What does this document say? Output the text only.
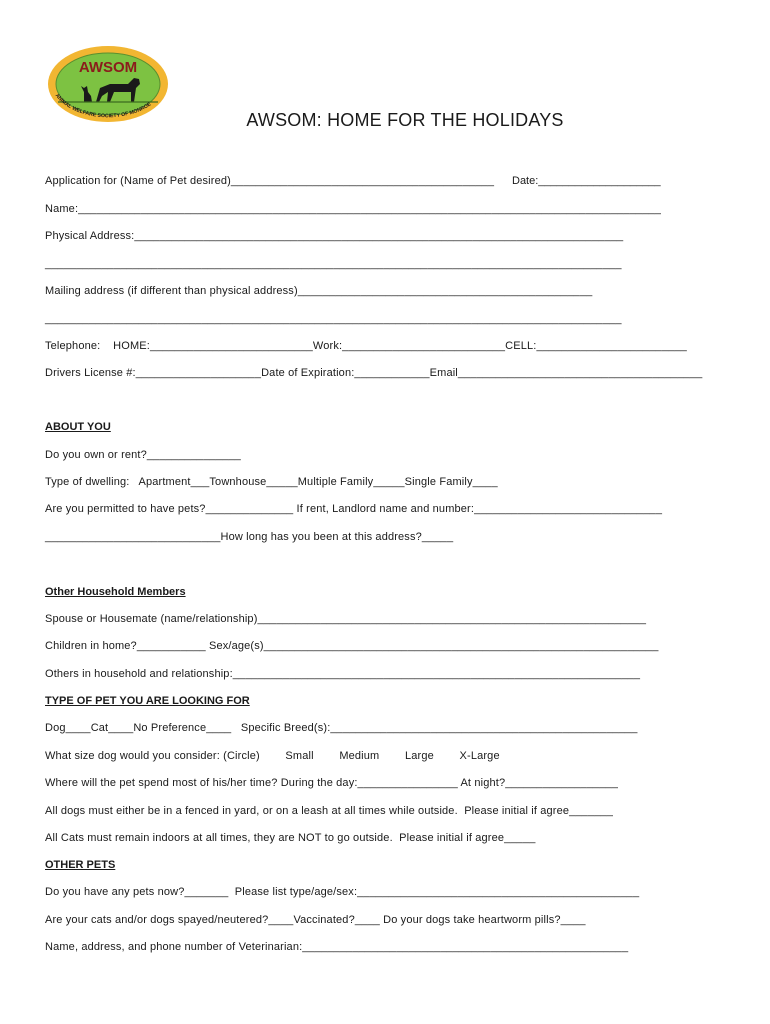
AWSOM
ANIMAL WELFARE SOCIETY OF MONROE
AWSOM: HOME FOR THE HOLIDAYS
Application for (Name of Pet desired)__________________________________________ Date:____________________
Name:_____________________________________________________________________________________________
Physical Address:______________________________________________________________________________
____________________________________________________________________________________________
Mailing address (if different than physical address)_______________________________________________
____________________________________________________________________________________________
Telephone:    HOME:__________________________Work:__________________________CELL:________________________
Drivers License #:____________________Date of Expiration:____________Email_______________________________________
ABOUT YOU
Do you own or rent?_______________
Type of dwelling:   Apartment___Townhouse_____Multiple Family_____Single Family____
Are you permitted to have pets?______________ If rent, Landlord name and number:______________________________
____________________________How long has you been at this address?_____
Other Household Members
Spouse or Housemate (name/relationship)______________________________________________________________
Children in home?___________ Sex/age(s)_______________________________________________________________
Others in household and relationship:_________________________________________________________________
TYPE OF PET YOU ARE LOOKING FOR
Dog____Cat____No Preference____   Specific Breed(s):_________________________________________________
What size dog would you consider: (Circle)        Small        Medium        Large        X-Large
Where will the pet spend most of his/her time? During the day:________________ At night?__________________
All dogs must either be in a fenced in yard, or on a leash at all times while outside.  Please initial if agree_______
All Cats must remain indoors at all times, they are NOT to go outside.  Please initial if agree_____
OTHER PETS
Do you have any pets now?_______  Please list type/age/sex:_____________________________________________
Are your cats and/or dogs spayed/neutered?____Vaccinated?____ Do your dogs take heartworm pills?____
Name, address, and phone number of Veterinarian:____________________________________________________
